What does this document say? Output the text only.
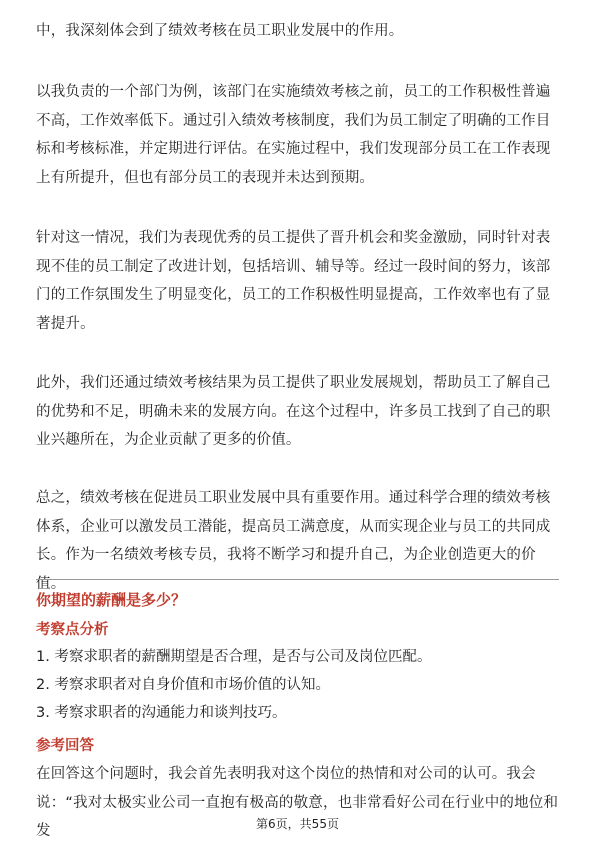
中，我深刻体会到了绩效考核在员工职业发展中的作用。

以我负责的一个部门为例，该部门在实施绩效考核之前，员工的工作积极性普遍不高，工作效率低下。通过引入绩效考核制度，我们为员工制定了明确的工作目标和考核标准，并定期进行评估。在实施过程中，我们发现部分员工在工作表现上有所提升，但也有部分员工的表现并未达到预期。

针对这一情况，我们为表现优秀的员工提供了晋升机会和奖金激励，同时针对表现不佳的员工制定了改进计划，包括培训、辅导等。经过一段时间的努力，该部门的工作氛围发生了明显变化，员工的工作积极性明显提高，工作效率也有了显著提升。

此外，我们还通过绩效考核结果为员工提供了职业发展规划，帮助员工了解自己的优势和不足，明确未来的发展方向。在这个过程中，许多员工找到了自己的职业兴趣所在，为企业贡献了更多的价值。

总之，绩效考核在促进员工职业发展中具有重要作用。通过科学合理的绩效考核体系，企业可以激发员工潜能，提高员工满意度，从而实现企业与员工的共同成长。作为一名绩效考核专员，我将不断学习和提升自己，为企业创造更大的价值。

你期望的薪酬是多少？
考察点分析
1. 考察求职者的薪酬期望是否合理，是否与公司及岗位匹配。
2. 考察求职者对自身价值和市场价值的认知。
3. 考察求职者的沟通能力和谈判技巧。
参考回答

在回答这个问题时，我会首先表明我对这个岗位的热情和对公司的认可。我会说：“我对太极实业公司一直抱有极高的敬意，也非常看好公司在行业中的地位和发	第6页，共55页
